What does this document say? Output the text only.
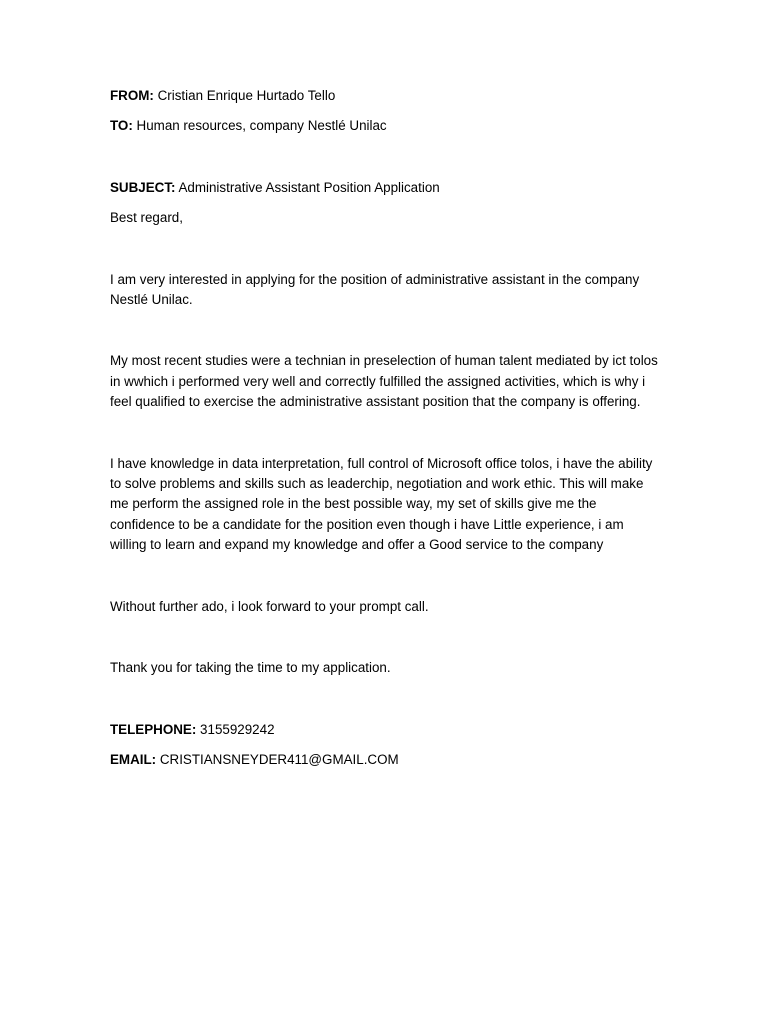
FROM: Cristian Enrique Hurtado Tello

TO: Human resources, company Nestlé Unilac

SUBJECT: Administrative Assistant Position Application

Best regard,

I am very interested in applying for the position of administrative assistant in the company Nestlé Unilac.

My most recent studies were a technian in preselection of human talent mediated by ict tolos in wwhich i performed very well and correctly fulfilled the assigned activities, which is why i feel qualified to exercise the administrative assistant position that the company is offering.

I have knowledge in data interpretation, full control of Microsoft office tolos, i have the ability to solve problems and skills such as leaderchip, negotiation and work ethic. This will make me perform the assigned role in the best possible way, my set of skills give me the confidence to be a candidate for the position even though i have Little experience, i am willing to learn and expand my knowledge and offer a Good service to the company

Without further ado, i look forward to your prompt call.

Thank you for taking the time to my application.

TELEPHONE: 3155929242

EMAIL: CRISTIANSNEYDER411@GMAIL.COM
